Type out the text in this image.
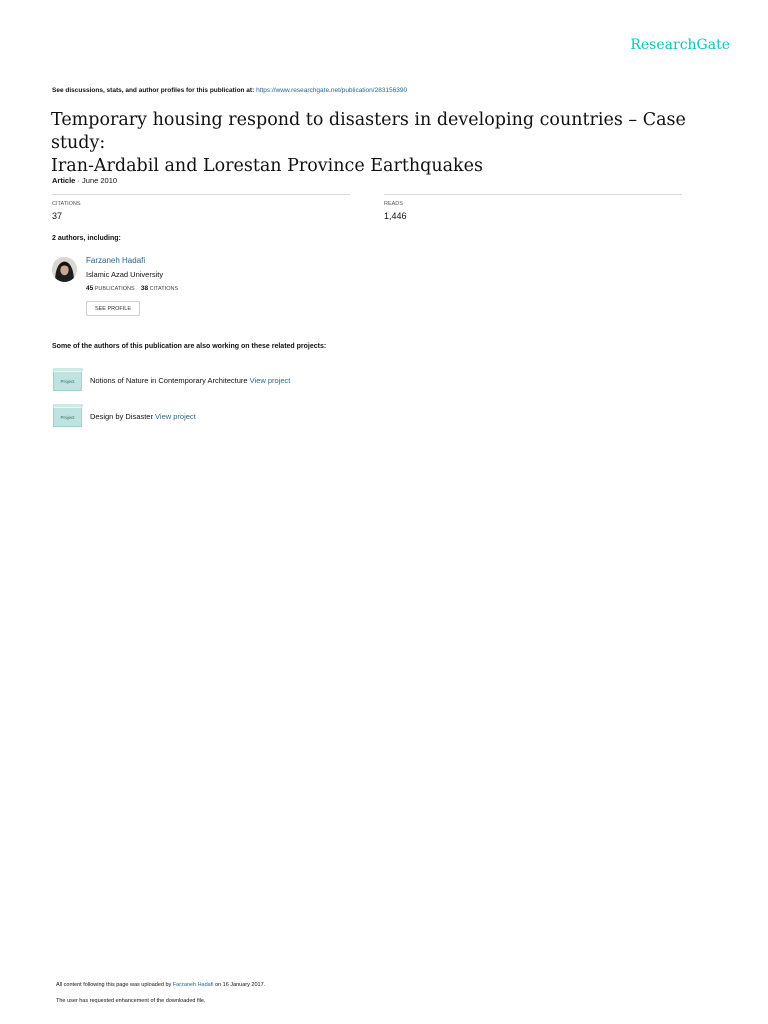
ResearchGate
See discussions, stats, and author profiles for this publication at: https://www.researchgate.net/publication/283156390
Temporary housing respond to disasters in developing countries – Case study:
Iran-Ardabil and Lorestan Province Earthquakes
Article · June 2010
CITATIONS
37
READS
1,446
2 authors, including:
Farzaneh Hadafi
Islamic Azad University
45 PUBLICATIONS 38 CITATIONS
SEE PROFILE
Some of the authors of this publication are also working on these related projects:
Project	Notions of Nature in Contemporary Architecture View project
Project	Design by Disaster View project
All content following this page was uploaded by Farzaneh Hadafi on 16 January 2017.
The user has requested enhancement of the downloaded file.
